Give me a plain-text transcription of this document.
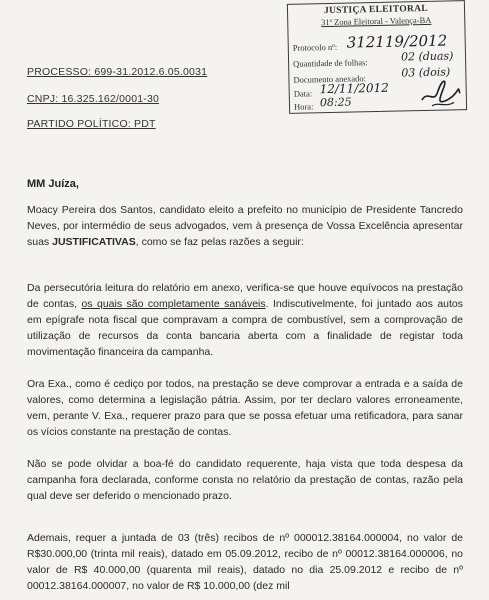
JUSTIÇA ELEITORAL
31ª Zona Eleitoral - Valença-BA
Protocolo nº: 312119/2012
Quantidade de folhas:	02 (duas)
Documento anexado:	03 (dois)
Data: 12/11/2012
Hora: 08:25
PROCESSO: 699-31.2012.6.05.0031
CNPJ: 16.325.162/0001-30
PARTIDO POLÍTICO: PDT
MM Juíza,
Moacy Pereira dos Santos, candidato eleito a prefeito no município de Presidente Tancredo Neves, por intermédio de seus advogados, vem à presença de Vossa Excelência apresentar suas JUSTIFICATIVAS, como se faz pelas razões a seguir:
Da persecutória leitura do relatório em anexo, verifica-se que houve equívocos na prestação de contas, os quais são completamente sanáveis. Indiscutivelmente, foi juntado aos autos em epígrafe nota fiscal que compravam a compra de combustível, sem a comprovação de utilização de recursos da conta bancaria aberta com a finalidade de registar toda movimentação financeira da campanha.
Ora Exa., como é cediço por todos, na prestação se deve comprovar a entrada e a saída de valores, como determina a legislação pátria. Assim, por ter declaro valores erroneamente, vem, perante V. Exa., requerer prazo para que se possa efetuar uma retificadora, para sanar os vícios constante na prestação de contas.
Não se pode olvidar a boa-fé do candidato requerente, haja vista que toda despesa da campanha fora declarada, conforme consta no relatório da prestação de contas, razão pela qual deve ser deferido o mencionado prazo.
Ademais, requer a juntada de 03 (três) recibos de nº 000012.38164.000004, no valor de R$30.000,00 (trinta mil reais), datado em 05.09.2012, recibo de nº 00012.38164.000006, no valor de R$ 40.000,00 (quarenta mil reais), datado no dia 25.09.2012 e recibo de nº 00012.38164.000007, no valor de R$ 10.000,00 (dez mil
